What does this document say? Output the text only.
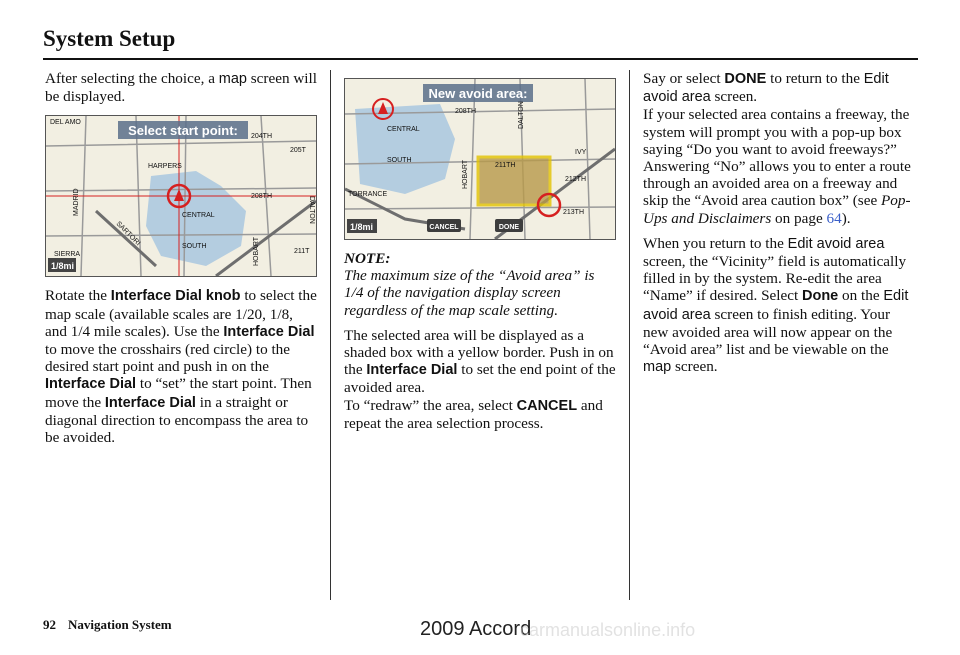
System Setup

After selecting the choice, a map screen will be displayed.

Select start point:
DEL AMO
204TH
205T
HARPERS
208TH
CENTRAL
SOUTH
MADRID
SIERRA	HOBART
DALTON
211T
SARTORI
1/8mi

Rotate the Interface Dial knob to select the map scale (available scales are 1/20, 1/8, and 1/4 mile scales). Use the Interface Dial to move the crosshairs (red circle) to the desired start point and push in on the Interface Dial to “set” the start point. Then move the Interface Dial in a straight or diagonal direction to encompass the area to be avoided.

New avoid area:
208TH
CENTRAL
SOUTH
TORRANCE
HOBART
DALTON
211TH
212TH
213TH
IVY
1/8mi	CANCEL	DONE

NOTE:

The maximum size of the “Avoid area” is 1/4 of the navigation display screen regardless of the map scale setting.

The selected area will be displayed as a shaded box with a yellow border. Push in on the Interface Dial to set the end point of the avoided area.

To “redraw” the area, select CANCEL and repeat the area selection process.

Say or select DONE to return to the Edit avoid area screen.

If your selected area contains a freeway, the system will prompt you with a pop-up box saying “Do you want to avoid freeways?” Answering “No” allows you to enter a route through an avoided area on a freeway and skip the “Avoid area caution box” (see Pop-Ups and Disclaimers on page 64).

When you return to the Edit avoid area screen, the “Vicinity” field is automatically filled in by the system. Re-edit the area “Name” if desired. Select Done on the Edit avoid area screen to finish editing. Your new avoided area will now appear on the “Avoid area” list and be viewable on the map screen.

92 Navigation System	2009 Accord
carmanualsonline.info
